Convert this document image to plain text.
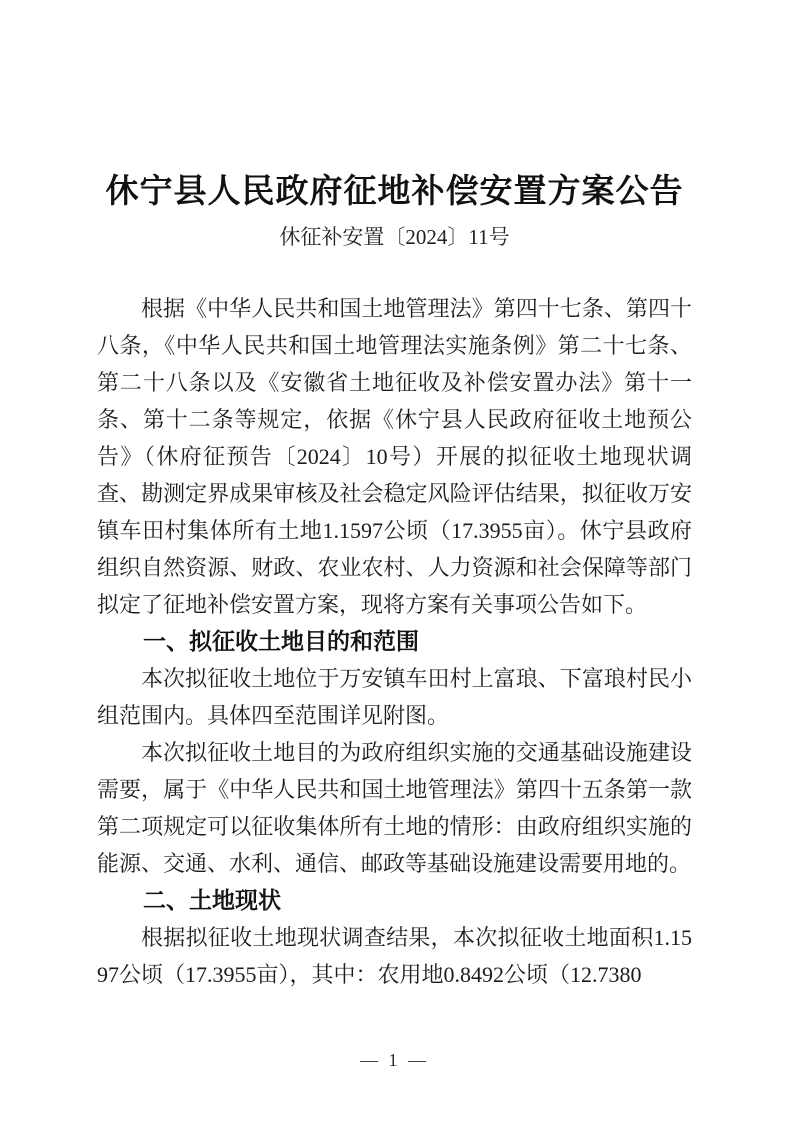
休宁县人民政府征地补偿安置方案公告
休征补安置〔2024〕11号

根据《中华人民共和国土地管理法》第四十七条、第四十八条，《中华人民共和国土地管理法实施条例》第二十七条、第二十八条以及《安徽省土地征收及补偿安置办法》第十一条、第十二条等规定，依据《休宁县人民政府征收土地预公告》（休府征预告〔2024〕10号）开展的拟征收土地现状调查、勘测定界成果审核及社会稳定风险评估结果，拟征收万安镇车田村集体所有土地1.1597公顷（17.3955亩）。休宁县政府组织自然资源、财政、农业农村、人力资源和社会保障等部门拟定了征地补偿安置方案，现将方案有关事项公告如下。

一、拟征收土地目的和范围

本次拟征收土地位于万安镇车田村上富琅、下富琅村民小组范围内。具体四至范围详见附图。

本次拟征收土地目的为政府组织实施的交通基础设施建设需要，属于《中华人民共和国土地管理法》第四十五条第一款第二项规定可以征收集体所有土地的情形：由政府组织实施的能源、交通、水利、通信、邮政等基础设施建设需要用地的。

二、土地现状

根据拟征收土地现状调查结果，本次拟征收土地面积1.1597公顷（17.3955亩），其中：农用地0.8492公顷（12.7380

— 1 —
